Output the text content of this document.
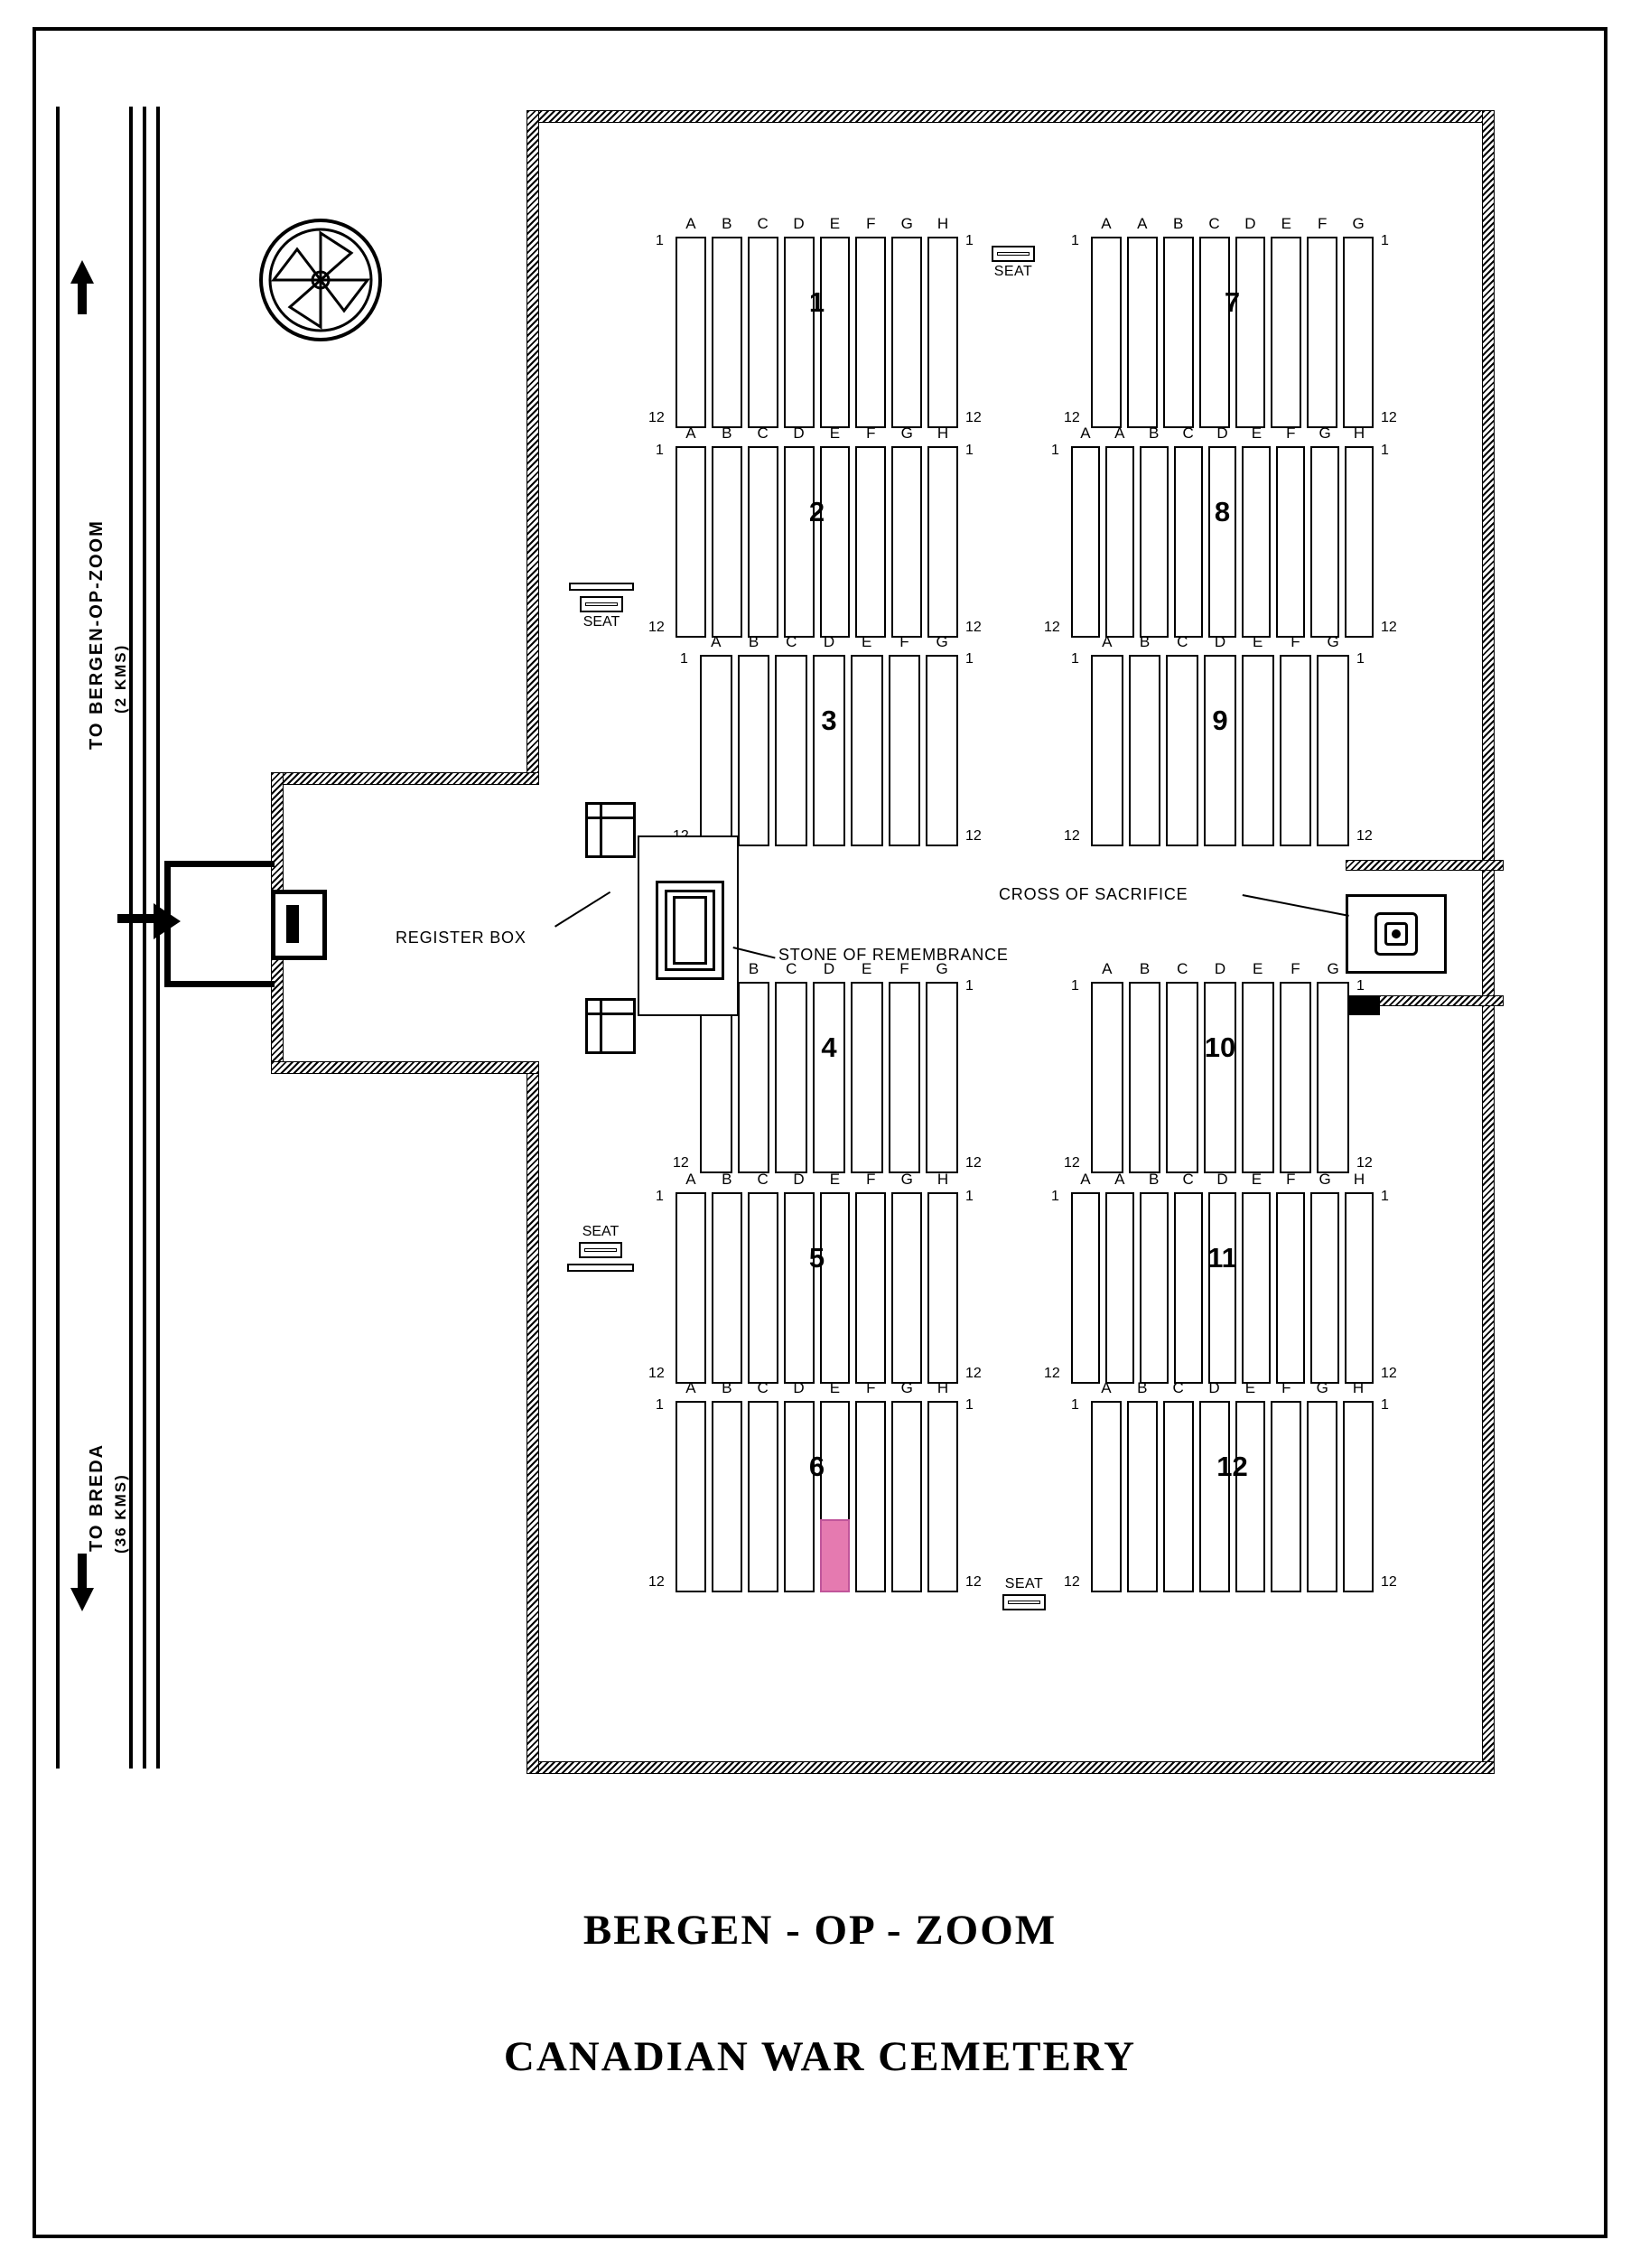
TO BERGEN-OP-ZOOM (2 KMS)
TO BREDA (36 KMS)
A	B	C	D	E	F	G	H
1	1
12	12
1
A	B	C	D	E	F	G	H
1	1
12	12
2
A	B	C	D	E	F	G
1	1
12
3
B	C	D	E	F	G
1
12	12
4
A	B	C	D	E	F	G	H
1	1
12	12
5
A	B	C	D	E	F	G	H
1	1
12	12
6
A	A	B	C	D	E	F	G
1	1
12	12
7
A	A	B	C	D	E	F	G	H
1	1
12	12
8
A	B	C	D	E	F	G
1	1
12	12
9
A	B	C	D	E	F	G
1	1
12	12
10
A	A	B	C	D	E	F	G	H
1	1
12	12
11
A	B	C	D	E	F	G	H
1	1
12	12
12
SEAT
SEAT
SEAT
SEAT
REGISTER BOX
STONE OF REMEMBRANCE
CROSS OF SACRIFICE
BERGEN - OP - ZOOM
CANADIAN WAR CEMETERY
